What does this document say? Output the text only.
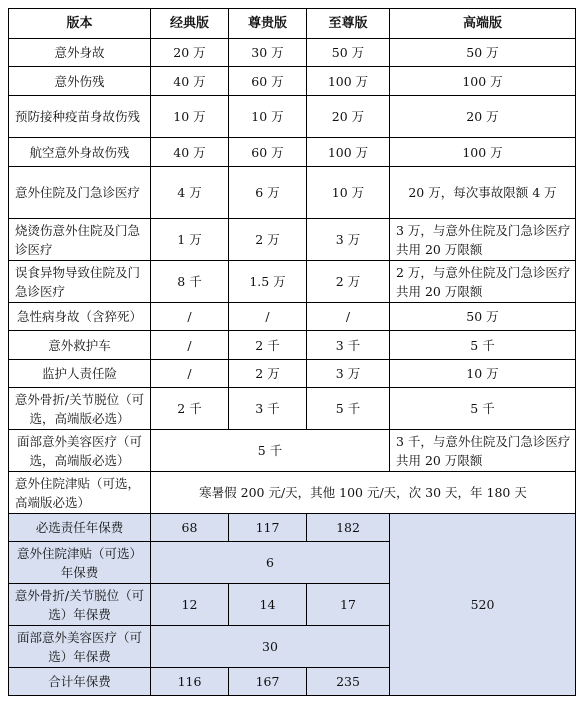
版本	经典版	尊贵版	至尊版	高端版
意外身故	20 万	30 万	50 万	50 万
意外伤残	40 万	60 万	100 万	100 万
预防接种疫苗身故伤残	10 万	10 万	20 万	20 万
航空意外身故伤残	40 万	60 万	100 万	100 万
意外住院及门急诊医疗	4 万	6 万	10 万	20 万，每次事故限额 4 万
烧烫伤意外住院及门急诊医疗	1 万	2 万	3 万	3 万，与意外住院及门急诊医疗共用 20 万限额
误食异物导致住院及门急诊医疗	8 千	1.5 万	2 万	2 万，与意外住院及门急诊医疗共用 20 万限额
急性病身故（含猝死）	/	/	/	50 万
意外救护车	/	2 千	3 千	5 千
监护人责任险	/	2 万	3 万	10 万
意外骨折/关节脱位（可选，高端版必选）	2 千	3 千	5 千	5 千
面部意外美容医疗（可选，高端版必选）	5 千			3 千，与意外住院及门急诊医疗共用 20 万限额
意外住院津贴（可选，高端版必选）	寒暑假 200 元/天，其他 100 元/天，次 30 天，年 180 天			
必选责任年保费	68	117	182	520
意外住院津贴（可选）年保费	6			
意外骨折/关节脱位（可选）年保费	12	14	17	
面部意外美容医疗（可选）年保费	30			
合计年保费	116	167	235	
